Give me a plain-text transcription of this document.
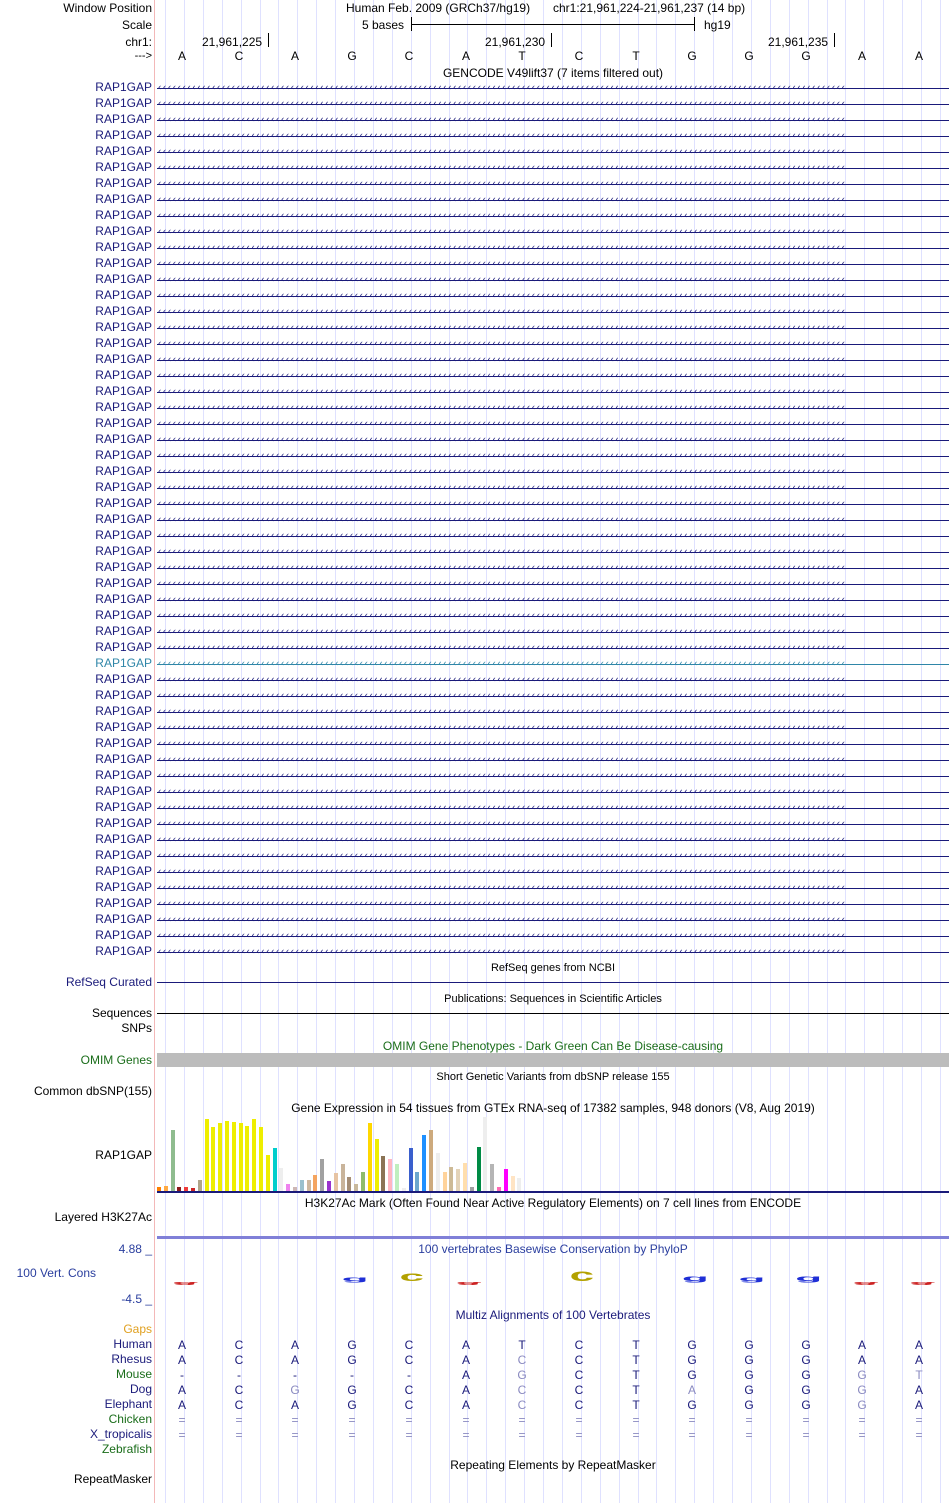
Window Position
Scale
chr1:
--->
Human Feb. 2009 (GRCh37/hg19) chr1:21,961,224-21,961,237 (14 bp)
5 bases	hg19
21,961,225	21,961,230	21,961,235
A	C	A	G	C	A	T	C	T	G	G	G	A	A
GENCODE V49lift37 (7 items filtered out)
RAP1GAP ‹‹‹‹‹‹‹‹‹‹‹‹‹‹‹‹‹‹‹‹‹‹‹‹‹‹‹‹‹‹‹‹‹‹‹‹‹‹‹‹‹‹‹‹‹‹‹‹‹‹‹‹‹‹‹‹‹‹‹‹‹‹‹‹‹‹‹‹‹‹‹‹‹‹‹‹‹‹‹‹‹‹‹‹‹‹‹‹‹‹‹‹‹‹‹‹‹‹‹‹‹‹‹‹‹‹‹‹‹‹‹‹‹‹‹‹‹‹‹‹‹‹‹‹‹‹‹‹‹‹‹‹‹‹‹‹‹‹‹‹
RAP1GAP ‹‹‹‹‹‹‹‹‹‹‹‹‹‹‹‹‹‹‹‹‹‹‹‹‹‹‹‹‹‹‹‹‹‹‹‹‹‹‹‹‹‹‹‹‹‹‹‹‹‹‹‹‹‹‹‹‹‹‹‹‹‹‹‹‹‹‹‹‹‹‹‹‹‹‹‹‹‹‹‹‹‹‹‹‹‹‹‹‹‹‹‹‹‹‹‹‹‹‹‹‹‹‹‹‹‹‹‹‹‹‹‹‹‹‹‹‹‹‹‹‹‹‹‹‹‹‹‹‹‹‹‹‹‹‹‹‹‹‹‹
RAP1GAP ‹‹‹‹‹‹‹‹‹‹‹‹‹‹‹‹‹‹‹‹‹‹‹‹‹‹‹‹‹‹‹‹‹‹‹‹‹‹‹‹‹‹‹‹‹‹‹‹‹‹‹‹‹‹‹‹‹‹‹‹‹‹‹‹‹‹‹‹‹‹‹‹‹‹‹‹‹‹‹‹‹‹‹‹‹‹‹‹‹‹‹‹‹‹‹‹‹‹‹‹‹‹‹‹‹‹‹‹‹‹‹‹‹‹‹‹‹‹‹‹‹‹‹‹‹‹‹‹‹‹‹‹‹‹‹‹‹‹‹‹
RAP1GAP ‹‹‹‹‹‹‹‹‹‹‹‹‹‹‹‹‹‹‹‹‹‹‹‹‹‹‹‹‹‹‹‹‹‹‹‹‹‹‹‹‹‹‹‹‹‹‹‹‹‹‹‹‹‹‹‹‹‹‹‹‹‹‹‹‹‹‹‹‹‹‹‹‹‹‹‹‹‹‹‹‹‹‹‹‹‹‹‹‹‹‹‹‹‹‹‹‹‹‹‹‹‹‹‹‹‹‹‹‹‹‹‹‹‹‹‹‹‹‹‹‹‹‹‹‹‹‹‹‹‹‹‹‹‹‹‹‹‹‹‹
RAP1GAP ‹‹‹‹‹‹‹‹‹‹‹‹‹‹‹‹‹‹‹‹‹‹‹‹‹‹‹‹‹‹‹‹‹‹‹‹‹‹‹‹‹‹‹‹‹‹‹‹‹‹‹‹‹‹‹‹‹‹‹‹‹‹‹‹‹‹‹‹‹‹‹‹‹‹‹‹‹‹‹‹‹‹‹‹‹‹‹‹‹‹‹‹‹‹‹‹‹‹‹‹‹‹‹‹‹‹‹‹‹‹‹‹‹‹‹‹‹‹‹‹‹‹‹‹‹‹‹‹‹‹‹‹‹‹‹‹‹‹‹‹
RAP1GAP ‹‹‹‹‹‹‹‹‹‹‹‹‹‹‹‹‹‹‹‹‹‹‹‹‹‹‹‹‹‹‹‹‹‹‹‹‹‹‹‹‹‹‹‹‹‹‹‹‹‹‹‹‹‹‹‹‹‹‹‹‹‹‹‹‹‹‹‹‹‹‹‹‹‹‹‹‹‹‹‹‹‹‹‹‹‹‹‹‹‹‹‹‹‹‹‹‹‹‹‹‹‹‹‹‹‹‹‹‹‹‹‹‹‹‹‹‹‹‹‹‹‹‹‹‹‹‹‹‹‹‹‹‹‹‹‹‹‹‹‹
RAP1GAP ‹‹‹‹‹‹‹‹‹‹‹‹‹‹‹‹‹‹‹‹‹‹‹‹‹‹‹‹‹‹‹‹‹‹‹‹‹‹‹‹‹‹‹‹‹‹‹‹‹‹‹‹‹‹‹‹‹‹‹‹‹‹‹‹‹‹‹‹‹‹‹‹‹‹‹‹‹‹‹‹‹‹‹‹‹‹‹‹‹‹‹‹‹‹‹‹‹‹‹‹‹‹‹‹‹‹‹‹‹‹‹‹‹‹‹‹‹‹‹‹‹‹‹‹‹‹‹‹‹‹‹‹‹‹‹‹‹‹‹‹
RAP1GAP ‹‹‹‹‹‹‹‹‹‹‹‹‹‹‹‹‹‹‹‹‹‹‹‹‹‹‹‹‹‹‹‹‹‹‹‹‹‹‹‹‹‹‹‹‹‹‹‹‹‹‹‹‹‹‹‹‹‹‹‹‹‹‹‹‹‹‹‹‹‹‹‹‹‹‹‹‹‹‹‹‹‹‹‹‹‹‹‹‹‹‹‹‹‹‹‹‹‹‹‹‹‹‹‹‹‹‹‹‹‹‹‹‹‹‹‹‹‹‹‹‹‹‹‹‹‹‹‹‹‹‹‹‹‹‹‹‹‹‹‹
RAP1GAP ‹‹‹‹‹‹‹‹‹‹‹‹‹‹‹‹‹‹‹‹‹‹‹‹‹‹‹‹‹‹‹‹‹‹‹‹‹‹‹‹‹‹‹‹‹‹‹‹‹‹‹‹‹‹‹‹‹‹‹‹‹‹‹‹‹‹‹‹‹‹‹‹‹‹‹‹‹‹‹‹‹‹‹‹‹‹‹‹‹‹‹‹‹‹‹‹‹‹‹‹‹‹‹‹‹‹‹‹‹‹‹‹‹‹‹‹‹‹‹‹‹‹‹‹‹‹‹‹‹‹‹‹‹‹‹‹‹‹‹‹
RAP1GAP ‹‹‹‹‹‹‹‹‹‹‹‹‹‹‹‹‹‹‹‹‹‹‹‹‹‹‹‹‹‹‹‹‹‹‹‹‹‹‹‹‹‹‹‹‹‹‹‹‹‹‹‹‹‹‹‹‹‹‹‹‹‹‹‹‹‹‹‹‹‹‹‹‹‹‹‹‹‹‹‹‹‹‹‹‹‹‹‹‹‹‹‹‹‹‹‹‹‹‹‹‹‹‹‹‹‹‹‹‹‹‹‹‹‹‹‹‹‹‹‹‹‹‹‹‹‹‹‹‹‹‹‹‹‹‹‹‹‹‹‹
RAP1GAP ‹‹‹‹‹‹‹‹‹‹‹‹‹‹‹‹‹‹‹‹‹‹‹‹‹‹‹‹‹‹‹‹‹‹‹‹‹‹‹‹‹‹‹‹‹‹‹‹‹‹‹‹‹‹‹‹‹‹‹‹‹‹‹‹‹‹‹‹‹‹‹‹‹‹‹‹‹‹‹‹‹‹‹‹‹‹‹‹‹‹‹‹‹‹‹‹‹‹‹‹‹‹‹‹‹‹‹‹‹‹‹‹‹‹‹‹‹‹‹‹‹‹‹‹‹‹‹‹‹‹‹‹‹‹‹‹‹‹‹‹
RAP1GAP ‹‹‹‹‹‹‹‹‹‹‹‹‹‹‹‹‹‹‹‹‹‹‹‹‹‹‹‹‹‹‹‹‹‹‹‹‹‹‹‹‹‹‹‹‹‹‹‹‹‹‹‹‹‹‹‹‹‹‹‹‹‹‹‹‹‹‹‹‹‹‹‹‹‹‹‹‹‹‹‹‹‹‹‹‹‹‹‹‹‹‹‹‹‹‹‹‹‹‹‹‹‹‹‹‹‹‹‹‹‹‹‹‹‹‹‹‹‹‹‹‹‹‹‹‹‹‹‹‹‹‹‹‹‹‹‹‹‹‹‹
RAP1GAP ‹‹‹‹‹‹‹‹‹‹‹‹‹‹‹‹‹‹‹‹‹‹‹‹‹‹‹‹‹‹‹‹‹‹‹‹‹‹‹‹‹‹‹‹‹‹‹‹‹‹‹‹‹‹‹‹‹‹‹‹‹‹‹‹‹‹‹‹‹‹‹‹‹‹‹‹‹‹‹‹‹‹‹‹‹‹‹‹‹‹‹‹‹‹‹‹‹‹‹‹‹‹‹‹‹‹‹‹‹‹‹‹‹‹‹‹‹‹‹‹‹‹‹‹‹‹‹‹‹‹‹‹‹‹‹‹‹‹‹‹
RAP1GAP ‹‹‹‹‹‹‹‹‹‹‹‹‹‹‹‹‹‹‹‹‹‹‹‹‹‹‹‹‹‹‹‹‹‹‹‹‹‹‹‹‹‹‹‹‹‹‹‹‹‹‹‹‹‹‹‹‹‹‹‹‹‹‹‹‹‹‹‹‹‹‹‹‹‹‹‹‹‹‹‹‹‹‹‹‹‹‹‹‹‹‹‹‹‹‹‹‹‹‹‹‹‹‹‹‹‹‹‹‹‹‹‹‹‹‹‹‹‹‹‹‹‹‹‹‹‹‹‹‹‹‹‹‹‹‹‹‹‹‹‹
RAP1GAP ‹‹‹‹‹‹‹‹‹‹‹‹‹‹‹‹‹‹‹‹‹‹‹‹‹‹‹‹‹‹‹‹‹‹‹‹‹‹‹‹‹‹‹‹‹‹‹‹‹‹‹‹‹‹‹‹‹‹‹‹‹‹‹‹‹‹‹‹‹‹‹‹‹‹‹‹‹‹‹‹‹‹‹‹‹‹‹‹‹‹‹‹‹‹‹‹‹‹‹‹‹‹‹‹‹‹‹‹‹‹‹‹‹‹‹‹‹‹‹‹‹‹‹‹‹‹‹‹‹‹‹‹‹‹‹‹‹‹‹‹
RAP1GAP ‹‹‹‹‹‹‹‹‹‹‹‹‹‹‹‹‹‹‹‹‹‹‹‹‹‹‹‹‹‹‹‹‹‹‹‹‹‹‹‹‹‹‹‹‹‹‹‹‹‹‹‹‹‹‹‹‹‹‹‹‹‹‹‹‹‹‹‹‹‹‹‹‹‹‹‹‹‹‹‹‹‹‹‹‹‹‹‹‹‹‹‹‹‹‹‹‹‹‹‹‹‹‹‹‹‹‹‹‹‹‹‹‹‹‹‹‹‹‹‹‹‹‹‹‹‹‹‹‹‹‹‹‹‹‹‹‹‹‹‹
RAP1GAP ‹‹‹‹‹‹‹‹‹‹‹‹‹‹‹‹‹‹‹‹‹‹‹‹‹‹‹‹‹‹‹‹‹‹‹‹‹‹‹‹‹‹‹‹‹‹‹‹‹‹‹‹‹‹‹‹‹‹‹‹‹‹‹‹‹‹‹‹‹‹‹‹‹‹‹‹‹‹‹‹‹‹‹‹‹‹‹‹‹‹‹‹‹‹‹‹‹‹‹‹‹‹‹‹‹‹‹‹‹‹‹‹‹‹‹‹‹‹‹‹‹‹‹‹‹‹‹‹‹‹‹‹‹‹‹‹‹‹‹‹
RAP1GAP ‹‹‹‹‹‹‹‹‹‹‹‹‹‹‹‹‹‹‹‹‹‹‹‹‹‹‹‹‹‹‹‹‹‹‹‹‹‹‹‹‹‹‹‹‹‹‹‹‹‹‹‹‹‹‹‹‹‹‹‹‹‹‹‹‹‹‹‹‹‹‹‹‹‹‹‹‹‹‹‹‹‹‹‹‹‹‹‹‹‹‹‹‹‹‹‹‹‹‹‹‹‹‹‹‹‹‹‹‹‹‹‹‹‹‹‹‹‹‹‹‹‹‹‹‹‹‹‹‹‹‹‹‹‹‹‹‹‹‹‹
RAP1GAP ‹‹‹‹‹‹‹‹‹‹‹‹‹‹‹‹‹‹‹‹‹‹‹‹‹‹‹‹‹‹‹‹‹‹‹‹‹‹‹‹‹‹‹‹‹‹‹‹‹‹‹‹‹‹‹‹‹‹‹‹‹‹‹‹‹‹‹‹‹‹‹‹‹‹‹‹‹‹‹‹‹‹‹‹‹‹‹‹‹‹‹‹‹‹‹‹‹‹‹‹‹‹‹‹‹‹‹‹‹‹‹‹‹‹‹‹‹‹‹‹‹‹‹‹‹‹‹‹‹‹‹‹‹‹‹‹‹‹‹‹
RAP1GAP ‹‹‹‹‹‹‹‹‹‹‹‹‹‹‹‹‹‹‹‹‹‹‹‹‹‹‹‹‹‹‹‹‹‹‹‹‹‹‹‹‹‹‹‹‹‹‹‹‹‹‹‹‹‹‹‹‹‹‹‹‹‹‹‹‹‹‹‹‹‹‹‹‹‹‹‹‹‹‹‹‹‹‹‹‹‹‹‹‹‹‹‹‹‹‹‹‹‹‹‹‹‹‹‹‹‹‹‹‹‹‹‹‹‹‹‹‹‹‹‹‹‹‹‹‹‹‹‹‹‹‹‹‹‹‹‹‹‹‹‹
RAP1GAP ‹‹‹‹‹‹‹‹‹‹‹‹‹‹‹‹‹‹‹‹‹‹‹‹‹‹‹‹‹‹‹‹‹‹‹‹‹‹‹‹‹‹‹‹‹‹‹‹‹‹‹‹‹‹‹‹‹‹‹‹‹‹‹‹‹‹‹‹‹‹‹‹‹‹‹‹‹‹‹‹‹‹‹‹‹‹‹‹‹‹‹‹‹‹‹‹‹‹‹‹‹‹‹‹‹‹‹‹‹‹‹‹‹‹‹‹‹‹‹‹‹‹‹‹‹‹‹‹‹‹‹‹‹‹‹‹‹‹‹‹
RAP1GAP ‹‹‹‹‹‹‹‹‹‹‹‹‹‹‹‹‹‹‹‹‹‹‹‹‹‹‹‹‹‹‹‹‹‹‹‹‹‹‹‹‹‹‹‹‹‹‹‹‹‹‹‹‹‹‹‹‹‹‹‹‹‹‹‹‹‹‹‹‹‹‹‹‹‹‹‹‹‹‹‹‹‹‹‹‹‹‹‹‹‹‹‹‹‹‹‹‹‹‹‹‹‹‹‹‹‹‹‹‹‹‹‹‹‹‹‹‹‹‹‹‹‹‹‹‹‹‹‹‹‹‹‹‹‹‹‹‹‹‹‹
RAP1GAP ‹‹‹‹‹‹‹‹‹‹‹‹‹‹‹‹‹‹‹‹‹‹‹‹‹‹‹‹‹‹‹‹‹‹‹‹‹‹‹‹‹‹‹‹‹‹‹‹‹‹‹‹‹‹‹‹‹‹‹‹‹‹‹‹‹‹‹‹‹‹‹‹‹‹‹‹‹‹‹‹‹‹‹‹‹‹‹‹‹‹‹‹‹‹‹‹‹‹‹‹‹‹‹‹‹‹‹‹‹‹‹‹‹‹‹‹‹‹‹‹‹‹‹‹‹‹‹‹‹‹‹‹‹‹‹‹‹‹‹‹
RAP1GAP ‹‹‹‹‹‹‹‹‹‹‹‹‹‹‹‹‹‹‹‹‹‹‹‹‹‹‹‹‹‹‹‹‹‹‹‹‹‹‹‹‹‹‹‹‹‹‹‹‹‹‹‹‹‹‹‹‹‹‹‹‹‹‹‹‹‹‹‹‹‹‹‹‹‹‹‹‹‹‹‹‹‹‹‹‹‹‹‹‹‹‹‹‹‹‹‹‹‹‹‹‹‹‹‹‹‹‹‹‹‹‹‹‹‹‹‹‹‹‹‹‹‹‹‹‹‹‹‹‹‹‹‹‹‹‹‹‹‹‹‹
RAP1GAP ‹‹‹‹‹‹‹‹‹‹‹‹‹‹‹‹‹‹‹‹‹‹‹‹‹‹‹‹‹‹‹‹‹‹‹‹‹‹‹‹‹‹‹‹‹‹‹‹‹‹‹‹‹‹‹‹‹‹‹‹‹‹‹‹‹‹‹‹‹‹‹‹‹‹‹‹‹‹‹‹‹‹‹‹‹‹‹‹‹‹‹‹‹‹‹‹‹‹‹‹‹‹‹‹‹‹‹‹‹‹‹‹‹‹‹‹‹‹‹‹‹‹‹‹‹‹‹‹‹‹‹‹‹‹‹‹‹‹‹‹
RAP1GAP ‹‹‹‹‹‹‹‹‹‹‹‹‹‹‹‹‹‹‹‹‹‹‹‹‹‹‹‹‹‹‹‹‹‹‹‹‹‹‹‹‹‹‹‹‹‹‹‹‹‹‹‹‹‹‹‹‹‹‹‹‹‹‹‹‹‹‹‹‹‹‹‹‹‹‹‹‹‹‹‹‹‹‹‹‹‹‹‹‹‹‹‹‹‹‹‹‹‹‹‹‹‹‹‹‹‹‹‹‹‹‹‹‹‹‹‹‹‹‹‹‹‹‹‹‹‹‹‹‹‹‹‹‹‹‹‹‹‹‹‹
RAP1GAP ‹‹‹‹‹‹‹‹‹‹‹‹‹‹‹‹‹‹‹‹‹‹‹‹‹‹‹‹‹‹‹‹‹‹‹‹‹‹‹‹‹‹‹‹‹‹‹‹‹‹‹‹‹‹‹‹‹‹‹‹‹‹‹‹‹‹‹‹‹‹‹‹‹‹‹‹‹‹‹‹‹‹‹‹‹‹‹‹‹‹‹‹‹‹‹‹‹‹‹‹‹‹‹‹‹‹‹‹‹‹‹‹‹‹‹‹‹‹‹‹‹‹‹‹‹‹‹‹‹‹‹‹‹‹‹‹‹‹‹‹
RAP1GAP ‹‹‹‹‹‹‹‹‹‹‹‹‹‹‹‹‹‹‹‹‹‹‹‹‹‹‹‹‹‹‹‹‹‹‹‹‹‹‹‹‹‹‹‹‹‹‹‹‹‹‹‹‹‹‹‹‹‹‹‹‹‹‹‹‹‹‹‹‹‹‹‹‹‹‹‹‹‹‹‹‹‹‹‹‹‹‹‹‹‹‹‹‹‹‹‹‹‹‹‹‹‹‹‹‹‹‹‹‹‹‹‹‹‹‹‹‹‹‹‹‹‹‹‹‹‹‹‹‹‹‹‹‹‹‹‹‹‹‹‹
RAP1GAP ‹‹‹‹‹‹‹‹‹‹‹‹‹‹‹‹‹‹‹‹‹‹‹‹‹‹‹‹‹‹‹‹‹‹‹‹‹‹‹‹‹‹‹‹‹‹‹‹‹‹‹‹‹‹‹‹‹‹‹‹‹‹‹‹‹‹‹‹‹‹‹‹‹‹‹‹‹‹‹‹‹‹‹‹‹‹‹‹‹‹‹‹‹‹‹‹‹‹‹‹‹‹‹‹‹‹‹‹‹‹‹‹‹‹‹‹‹‹‹‹‹‹‹‹‹‹‹‹‹‹‹‹‹‹‹‹‹‹‹‹
RAP1GAP ‹‹‹‹‹‹‹‹‹‹‹‹‹‹‹‹‹‹‹‹‹‹‹‹‹‹‹‹‹‹‹‹‹‹‹‹‹‹‹‹‹‹‹‹‹‹‹‹‹‹‹‹‹‹‹‹‹‹‹‹‹‹‹‹‹‹‹‹‹‹‹‹‹‹‹‹‹‹‹‹‹‹‹‹‹‹‹‹‹‹‹‹‹‹‹‹‹‹‹‹‹‹‹‹‹‹‹‹‹‹‹‹‹‹‹‹‹‹‹‹‹‹‹‹‹‹‹‹‹‹‹‹‹‹‹‹‹‹‹‹
RAP1GAP ‹‹‹‹‹‹‹‹‹‹‹‹‹‹‹‹‹‹‹‹‹‹‹‹‹‹‹‹‹‹‹‹‹‹‹‹‹‹‹‹‹‹‹‹‹‹‹‹‹‹‹‹‹‹‹‹‹‹‹‹‹‹‹‹‹‹‹‹‹‹‹‹‹‹‹‹‹‹‹‹‹‹‹‹‹‹‹‹‹‹‹‹‹‹‹‹‹‹‹‹‹‹‹‹‹‹‹‹‹‹‹‹‹‹‹‹‹‹‹‹‹‹‹‹‹‹‹‹‹‹‹‹‹‹‹‹‹‹‹‹
RAP1GAP ‹‹‹‹‹‹‹‹‹‹‹‹‹‹‹‹‹‹‹‹‹‹‹‹‹‹‹‹‹‹‹‹‹‹‹‹‹‹‹‹‹‹‹‹‹‹‹‹‹‹‹‹‹‹‹‹‹‹‹‹‹‹‹‹‹‹‹‹‹‹‹‹‹‹‹‹‹‹‹‹‹‹‹‹‹‹‹‹‹‹‹‹‹‹‹‹‹‹‹‹‹‹‹‹‹‹‹‹‹‹‹‹‹‹‹‹‹‹‹‹‹‹‹‹‹‹‹‹‹‹‹‹‹‹‹‹‹‹‹‹
RAP1GAP ‹‹‹‹‹‹‹‹‹‹‹‹‹‹‹‹‹‹‹‹‹‹‹‹‹‹‹‹‹‹‹‹‹‹‹‹‹‹‹‹‹‹‹‹‹‹‹‹‹‹‹‹‹‹‹‹‹‹‹‹‹‹‹‹‹‹‹‹‹‹‹‹‹‹‹‹‹‹‹‹‹‹‹‹‹‹‹‹‹‹‹‹‹‹‹‹‹‹‹‹‹‹‹‹‹‹‹‹‹‹‹‹‹‹‹‹‹‹‹‹‹‹‹‹‹‹‹‹‹‹‹‹‹‹‹‹‹‹‹‹
RAP1GAP ‹‹‹‹‹‹‹‹‹‹‹‹‹‹‹‹‹‹‹‹‹‹‹‹‹‹‹‹‹‹‹‹‹‹‹‹‹‹‹‹‹‹‹‹‹‹‹‹‹‹‹‹‹‹‹‹‹‹‹‹‹‹‹‹‹‹‹‹‹‹‹‹‹‹‹‹‹‹‹‹‹‹‹‹‹‹‹‹‹‹‹‹‹‹‹‹‹‹‹‹‹‹‹‹‹‹‹‹‹‹‹‹‹‹‹‹‹‹‹‹‹‹‹‹‹‹‹‹‹‹‹‹‹‹‹‹‹‹‹‹
RAP1GAP ‹‹‹‹‹‹‹‹‹‹‹‹‹‹‹‹‹‹‹‹‹‹‹‹‹‹‹‹‹‹‹‹‹‹‹‹‹‹‹‹‹‹‹‹‹‹‹‹‹‹‹‹‹‹‹‹‹‹‹‹‹‹‹‹‹‹‹‹‹‹‹‹‹‹‹‹‹‹‹‹‹‹‹‹‹‹‹‹‹‹‹‹‹‹‹‹‹‹‹‹‹‹‹‹‹‹‹‹‹‹‹‹‹‹‹‹‹‹‹‹‹‹‹‹‹‹‹‹‹‹‹‹‹‹‹‹‹‹‹‹
RAP1GAP ‹‹‹‹‹‹‹‹‹‹‹‹‹‹‹‹‹‹‹‹‹‹‹‹‹‹‹‹‹‹‹‹‹‹‹‹‹‹‹‹‹‹‹‹‹‹‹‹‹‹‹‹‹‹‹‹‹‹‹‹‹‹‹‹‹‹‹‹‹‹‹‹‹‹‹‹‹‹‹‹‹‹‹‹‹‹‹‹‹‹‹‹‹‹‹‹‹‹‹‹‹‹‹‹‹‹‹‹‹‹‹‹‹‹‹‹‹‹‹‹‹‹‹‹‹‹‹‹‹‹‹‹‹‹‹‹‹‹‹‹
RAP1GAP ‹‹‹‹‹‹‹‹‹‹‹‹‹‹‹‹‹‹‹‹‹‹‹‹‹‹‹‹‹‹‹‹‹‹‹‹‹‹‹‹‹‹‹‹‹‹‹‹‹‹‹‹‹‹‹‹‹‹‹‹‹‹‹‹‹‹‹‹‹‹‹‹‹‹‹‹‹‹‹‹‹‹‹‹‹‹‹‹‹‹‹‹‹‹‹‹‹‹‹‹‹‹‹‹‹‹‹‹‹‹‹‹‹‹‹‹‹‹‹‹‹‹‹‹‹‹‹‹‹‹‹‹‹‹‹‹‹‹‹‹
RAP1GAP ‹‹‹‹‹‹‹‹‹‹‹‹‹‹‹‹‹‹‹‹‹‹‹‹‹‹‹‹‹‹‹‹‹‹‹‹‹‹‹‹‹‹‹‹‹‹‹‹‹‹‹‹‹‹‹‹‹‹‹‹‹‹‹‹‹‹‹‹‹‹‹‹‹‹‹‹‹‹‹‹‹‹‹‹‹‹‹‹‹‹‹‹‹‹‹‹‹‹‹‹‹‹‹‹‹‹‹‹‹‹‹‹‹‹‹‹‹‹‹‹‹‹‹‹‹‹‹‹‹‹‹‹‹‹‹‹‹‹‹‹
RAP1GAP ‹‹‹‹‹‹‹‹‹‹‹‹‹‹‹‹‹‹‹‹‹‹‹‹‹‹‹‹‹‹‹‹‹‹‹‹‹‹‹‹‹‹‹‹‹‹‹‹‹‹‹‹‹‹‹‹‹‹‹‹‹‹‹‹‹‹‹‹‹‹‹‹‹‹‹‹‹‹‹‹‹‹‹‹‹‹‹‹‹‹‹‹‹‹‹‹‹‹‹‹‹‹‹‹‹‹‹‹‹‹‹‹‹‹‹‹‹‹‹‹‹‹‹‹‹‹‹‹‹‹‹‹‹‹‹‹‹‹‹‹
RAP1GAP ‹‹‹‹‹‹‹‹‹‹‹‹‹‹‹‹‹‹‹‹‹‹‹‹‹‹‹‹‹‹‹‹‹‹‹‹‹‹‹‹‹‹‹‹‹‹‹‹‹‹‹‹‹‹‹‹‹‹‹‹‹‹‹‹‹‹‹‹‹‹‹‹‹‹‹‹‹‹‹‹‹‹‹‹‹‹‹‹‹‹‹‹‹‹‹‹‹‹‹‹‹‹‹‹‹‹‹‹‹‹‹‹‹‹‹‹‹‹‹‹‹‹‹‹‹‹‹‹‹‹‹‹‹‹‹‹‹‹‹‹
RAP1GAP ‹‹‹‹‹‹‹‹‹‹‹‹‹‹‹‹‹‹‹‹‹‹‹‹‹‹‹‹‹‹‹‹‹‹‹‹‹‹‹‹‹‹‹‹‹‹‹‹‹‹‹‹‹‹‹‹‹‹‹‹‹‹‹‹‹‹‹‹‹‹‹‹‹‹‹‹‹‹‹‹‹‹‹‹‹‹‹‹‹‹‹‹‹‹‹‹‹‹‹‹‹‹‹‹‹‹‹‹‹‹‹‹‹‹‹‹‹‹‹‹‹‹‹‹‹‹‹‹‹‹‹‹‹‹‹‹‹‹‹‹
RAP1GAP ‹‹‹‹‹‹‹‹‹‹‹‹‹‹‹‹‹‹‹‹‹‹‹‹‹‹‹‹‹‹‹‹‹‹‹‹‹‹‹‹‹‹‹‹‹‹‹‹‹‹‹‹‹‹‹‹‹‹‹‹‹‹‹‹‹‹‹‹‹‹‹‹‹‹‹‹‹‹‹‹‹‹‹‹‹‹‹‹‹‹‹‹‹‹‹‹‹‹‹‹‹‹‹‹‹‹‹‹‹‹‹‹‹‹‹‹‹‹‹‹‹‹‹‹‹‹‹‹‹‹‹‹‹‹‹‹‹‹‹‹
RAP1GAP ‹‹‹‹‹‹‹‹‹‹‹‹‹‹‹‹‹‹‹‹‹‹‹‹‹‹‹‹‹‹‹‹‹‹‹‹‹‹‹‹‹‹‹‹‹‹‹‹‹‹‹‹‹‹‹‹‹‹‹‹‹‹‹‹‹‹‹‹‹‹‹‹‹‹‹‹‹‹‹‹‹‹‹‹‹‹‹‹‹‹‹‹‹‹‹‹‹‹‹‹‹‹‹‹‹‹‹‹‹‹‹‹‹‹‹‹‹‹‹‹‹‹‹‹‹‹‹‹‹‹‹‹‹‹‹‹‹‹‹‹
RAP1GAP ‹‹‹‹‹‹‹‹‹‹‹‹‹‹‹‹‹‹‹‹‹‹‹‹‹‹‹‹‹‹‹‹‹‹‹‹‹‹‹‹‹‹‹‹‹‹‹‹‹‹‹‹‹‹‹‹‹‹‹‹‹‹‹‹‹‹‹‹‹‹‹‹‹‹‹‹‹‹‹‹‹‹‹‹‹‹‹‹‹‹‹‹‹‹‹‹‹‹‹‹‹‹‹‹‹‹‹‹‹‹‹‹‹‹‹‹‹‹‹‹‹‹‹‹‹‹‹‹‹‹‹‹‹‹‹‹‹‹‹‹
RAP1GAP ‹‹‹‹‹‹‹‹‹‹‹‹‹‹‹‹‹‹‹‹‹‹‹‹‹‹‹‹‹‹‹‹‹‹‹‹‹‹‹‹‹‹‹‹‹‹‹‹‹‹‹‹‹‹‹‹‹‹‹‹‹‹‹‹‹‹‹‹‹‹‹‹‹‹‹‹‹‹‹‹‹‹‹‹‹‹‹‹‹‹‹‹‹‹‹‹‹‹‹‹‹‹‹‹‹‹‹‹‹‹‹‹‹‹‹‹‹‹‹‹‹‹‹‹‹‹‹‹‹‹‹‹‹‹‹‹‹‹‹‹
RAP1GAP ‹‹‹‹‹‹‹‹‹‹‹‹‹‹‹‹‹‹‹‹‹‹‹‹‹‹‹‹‹‹‹‹‹‹‹‹‹‹‹‹‹‹‹‹‹‹‹‹‹‹‹‹‹‹‹‹‹‹‹‹‹‹‹‹‹‹‹‹‹‹‹‹‹‹‹‹‹‹‹‹‹‹‹‹‹‹‹‹‹‹‹‹‹‹‹‹‹‹‹‹‹‹‹‹‹‹‹‹‹‹‹‹‹‹‹‹‹‹‹‹‹‹‹‹‹‹‹‹‹‹‹‹‹‹‹‹‹‹‹‹
RAP1GAP ‹‹‹‹‹‹‹‹‹‹‹‹‹‹‹‹‹‹‹‹‹‹‹‹‹‹‹‹‹‹‹‹‹‹‹‹‹‹‹‹‹‹‹‹‹‹‹‹‹‹‹‹‹‹‹‹‹‹‹‹‹‹‹‹‹‹‹‹‹‹‹‹‹‹‹‹‹‹‹‹‹‹‹‹‹‹‹‹‹‹‹‹‹‹‹‹‹‹‹‹‹‹‹‹‹‹‹‹‹‹‹‹‹‹‹‹‹‹‹‹‹‹‹‹‹‹‹‹‹‹‹‹‹‹‹‹‹‹‹‹
RAP1GAP ‹‹‹‹‹‹‹‹‹‹‹‹‹‹‹‹‹‹‹‹‹‹‹‹‹‹‹‹‹‹‹‹‹‹‹‹‹‹‹‹‹‹‹‹‹‹‹‹‹‹‹‹‹‹‹‹‹‹‹‹‹‹‹‹‹‹‹‹‹‹‹‹‹‹‹‹‹‹‹‹‹‹‹‹‹‹‹‹‹‹‹‹‹‹‹‹‹‹‹‹‹‹‹‹‹‹‹‹‹‹‹‹‹‹‹‹‹‹‹‹‹‹‹‹‹‹‹‹‹‹‹‹‹‹‹‹‹‹‹‹
RAP1GAP ‹‹‹‹‹‹‹‹‹‹‹‹‹‹‹‹‹‹‹‹‹‹‹‹‹‹‹‹‹‹‹‹‹‹‹‹‹‹‹‹‹‹‹‹‹‹‹‹‹‹‹‹‹‹‹‹‹‹‹‹‹‹‹‹‹‹‹‹‹‹‹‹‹‹‹‹‹‹‹‹‹‹‹‹‹‹‹‹‹‹‹‹‹‹‹‹‹‹‹‹‹‹‹‹‹‹‹‹‹‹‹‹‹‹‹‹‹‹‹‹‹‹‹‹‹‹‹‹‹‹‹‹‹‹‹‹‹‹‹‹
RAP1GAP ‹‹‹‹‹‹‹‹‹‹‹‹‹‹‹‹‹‹‹‹‹‹‹‹‹‹‹‹‹‹‹‹‹‹‹‹‹‹‹‹‹‹‹‹‹‹‹‹‹‹‹‹‹‹‹‹‹‹‹‹‹‹‹‹‹‹‹‹‹‹‹‹‹‹‹‹‹‹‹‹‹‹‹‹‹‹‹‹‹‹‹‹‹‹‹‹‹‹‹‹‹‹‹‹‹‹‹‹‹‹‹‹‹‹‹‹‹‹‹‹‹‹‹‹‹‹‹‹‹‹‹‹‹‹‹‹‹‹‹‹
RAP1GAP ‹‹‹‹‹‹‹‹‹‹‹‹‹‹‹‹‹‹‹‹‹‹‹‹‹‹‹‹‹‹‹‹‹‹‹‹‹‹‹‹‹‹‹‹‹‹‹‹‹‹‹‹‹‹‹‹‹‹‹‹‹‹‹‹‹‹‹‹‹‹‹‹‹‹‹‹‹‹‹‹‹‹‹‹‹‹‹‹‹‹‹‹‹‹‹‹‹‹‹‹‹‹‹‹‹‹‹‹‹‹‹‹‹‹‹‹‹‹‹‹‹‹‹‹‹‹‹‹‹‹‹‹‹‹‹‹‹‹‹‹
RAP1GAP ‹‹‹‹‹‹‹‹‹‹‹‹‹‹‹‹‹‹‹‹‹‹‹‹‹‹‹‹‹‹‹‹‹‹‹‹‹‹‹‹‹‹‹‹‹‹‹‹‹‹‹‹‹‹‹‹‹‹‹‹‹‹‹‹‹‹‹‹‹‹‹‹‹‹‹‹‹‹‹‹‹‹‹‹‹‹‹‹‹‹‹‹‹‹‹‹‹‹‹‹‹‹‹‹‹‹‹‹‹‹‹‹‹‹‹‹‹‹‹‹‹‹‹‹‹‹‹‹‹‹‹‹‹‹‹‹‹‹‹‹
RAP1GAP ‹‹‹‹‹‹‹‹‹‹‹‹‹‹‹‹‹‹‹‹‹‹‹‹‹‹‹‹‹‹‹‹‹‹‹‹‹‹‹‹‹‹‹‹‹‹‹‹‹‹‹‹‹‹‹‹‹‹‹‹‹‹‹‹‹‹‹‹‹‹‹‹‹‹‹‹‹‹‹‹‹‹‹‹‹‹‹‹‹‹‹‹‹‹‹‹‹‹‹‹‹‹‹‹‹‹‹‹‹‹‹‹‹‹‹‹‹‹‹‹‹‹‹‹‹‹‹‹‹‹‹‹‹‹‹‹‹‹‹‹
RAP1GAP ‹‹‹‹‹‹‹‹‹‹‹‹‹‹‹‹‹‹‹‹‹‹‹‹‹‹‹‹‹‹‹‹‹‹‹‹‹‹‹‹‹‹‹‹‹‹‹‹‹‹‹‹‹‹‹‹‹‹‹‹‹‹‹‹‹‹‹‹‹‹‹‹‹‹‹‹‹‹‹‹‹‹‹‹‹‹‹‹‹‹‹‹‹‹‹‹‹‹‹‹‹‹‹‹‹‹‹‹‹‹‹‹‹‹‹‹‹‹‹‹‹‹‹‹‹‹‹‹‹‹‹‹‹‹‹‹‹‹‹‹
RAP1GAP ‹‹‹‹‹‹‹‹‹‹‹‹‹‹‹‹‹‹‹‹‹‹‹‹‹‹‹‹‹‹‹‹‹‹‹‹‹‹‹‹‹‹‹‹‹‹‹‹‹‹‹‹‹‹‹‹‹‹‹‹‹‹‹‹‹‹‹‹‹‹‹‹‹‹‹‹‹‹‹‹‹‹‹‹‹‹‹‹‹‹‹‹‹‹‹‹‹‹‹‹‹‹‹‹‹‹‹‹‹‹‹‹‹‹‹‹‹‹‹‹‹‹‹‹‹‹‹‹‹‹‹‹‹‹‹‹‹‹‹‹
RefSeq genes from NCBI
RefSeq Curated
Publications: Sequences in Scientific Articles
Sequences
SNPs
OMIM Gene Phenotypes - Dark Green Can Be Disease-causing
OMIM Genes
Short Genetic Variants from dbSNP release 155
Common dbSNP(155)
Gene Expression in 54 tissues from GTEx RNA-seq of 17382 samples, 948 donors (V8, Aug 2019)
RAP1GAP
H3K27Ac Mark (Often Found Near Active Regulatory Elements) on 7 cell lines from ENCODE
Layered H3K27Ac
100 vertebrates Basewise Conservation by PhyloP
4.88 _
100 Vert. Cons
-4.5 _
a
g c a	c	g g g
a a
Multiz Alignments of 100 Vertebrates
Gaps
Human	A	C	A	G	C	A	T	C	T	G	G	G	A	A
Rhesus	A	C	A	G	C	A	C	C	T	G	G	G	A	A
Mouse	-	-	-	-	-	A	G	C	T	G	G	G	G	T
Dog	A	C	G	G	C	A	C	C	T	A	G	G	G	A
Elephant	A	C	A	G	C	A	C	C	T	G	G	G	G	A
Chicken	=	=	=	=	=	=	=	=	=	=	=	=	=	=
X_tropicalis	=	=	=	=	=	=	=	=	=	=	=	=	=	=
Zebrafish
Repeating Elements by RepeatMasker
RepeatMasker
